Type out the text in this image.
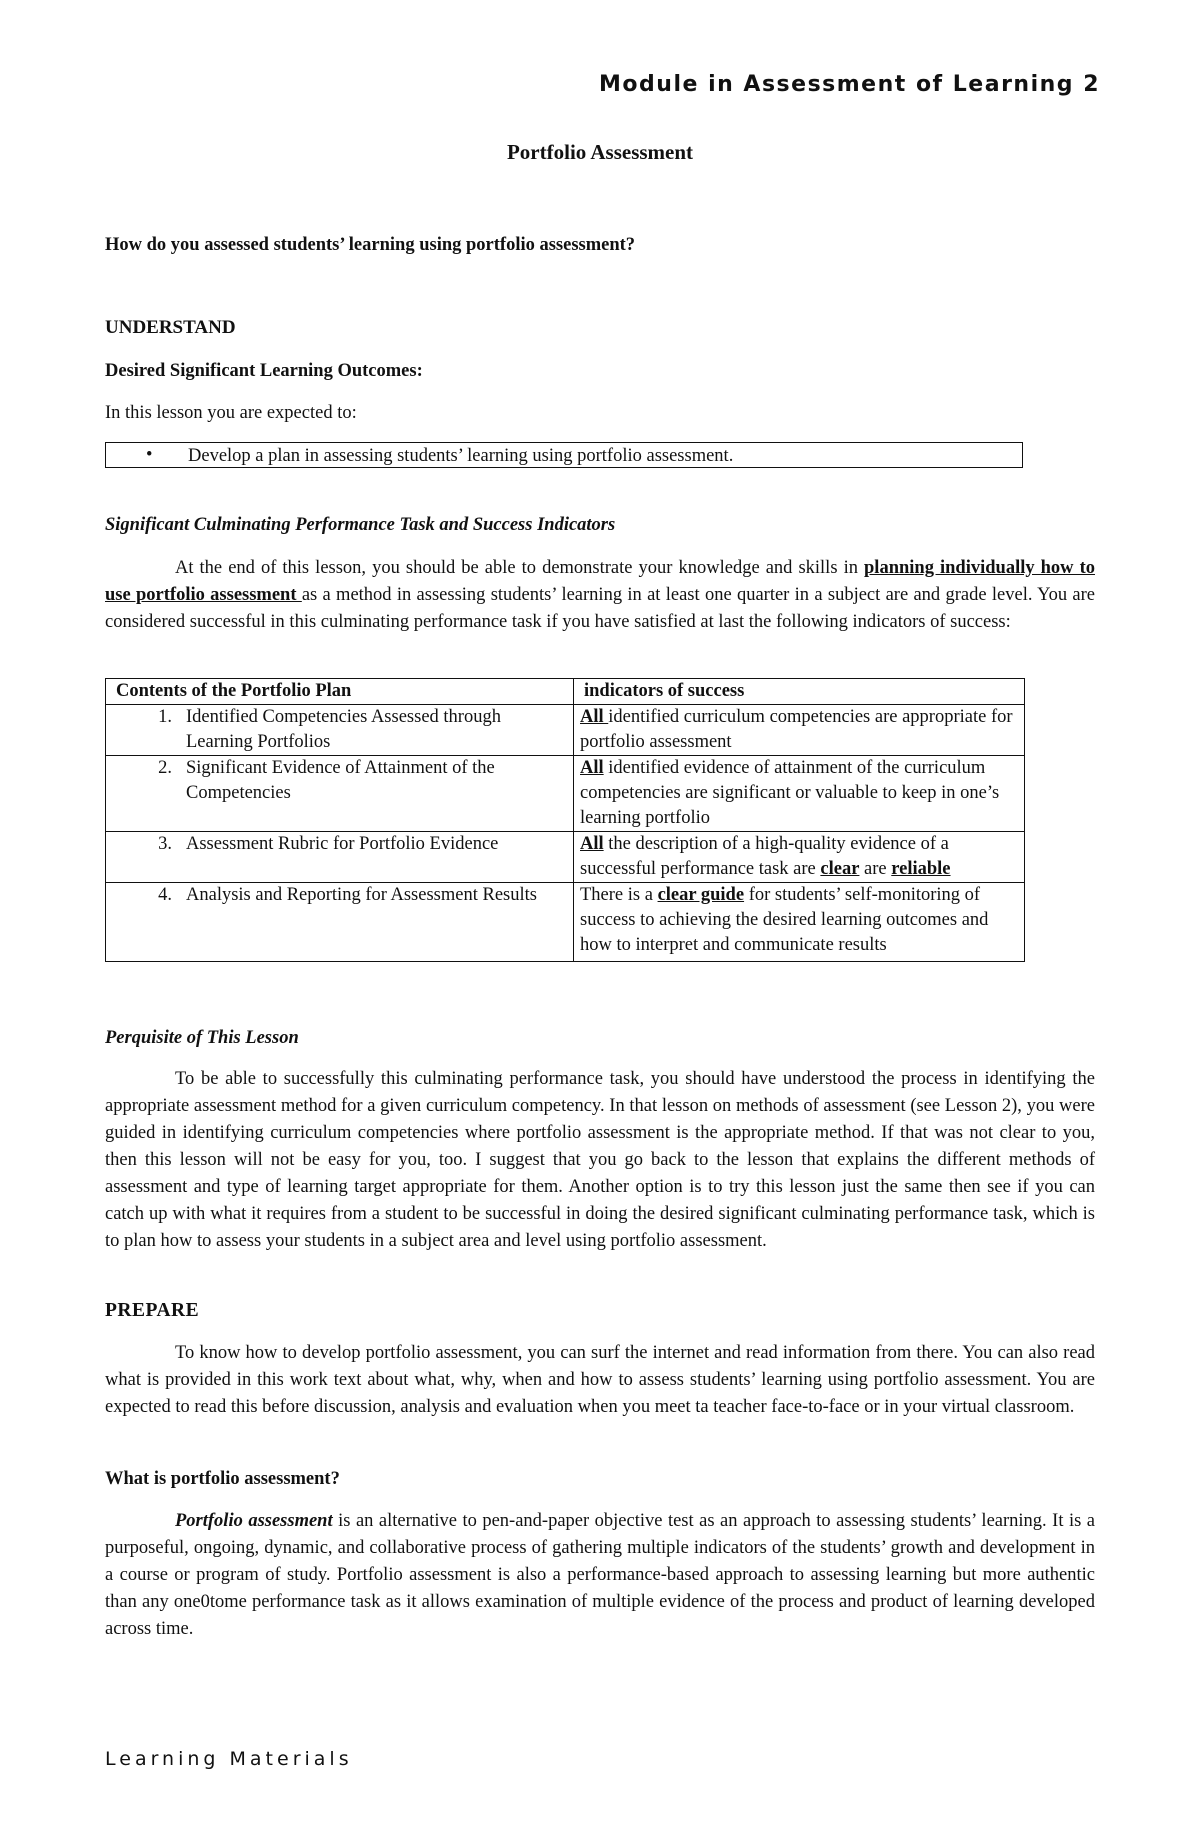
Module in Assessment of Learning 2
Portfolio Assessment
How do you assessed students’ learning using portfolio assessment?
UNDERSTAND
Desired Significant Learning Outcomes:
In this lesson you are expected to:
• Develop a plan in assessing students’ learning using portfolio assessment.
Significant Culminating Performance Task and Success Indicators
At the end of this lesson, you should be able to demonstrate your knowledge and skills in planning individually how to use portfolio assessment as a method in assessing students’ learning in at least one quarter in a subject are and grade level. You are considered successful in this culminating performance task if you have satisfied at last the following indicators of success:
Contents of the Portfolio Plan	indicators of success
1. Identified Competencies Assessed through Learning Portfolios	All identified curriculum competencies are appropriate for portfolio assessment
2. Significant Evidence of Attainment of the Competencies	All identified evidence of attainment of the curriculum competencies are significant or valuable to keep in one’s learning portfolio
3. Assessment Rubric for Portfolio Evidence	All the description of a high-quality evidence of a successful performance task are clear are reliable
4. Analysis and Reporting for Assessment Results	There is a clear guide for students’ self-monitoring of success to achieving the desired learning outcomes and how to interpret and communicate results
Perquisite of This Lesson
To be able to successfully this culminating performance task, you should have understood the process in identifying the appropriate assessment method for a given curriculum competency. In that lesson on methods of assessment (see Lesson 2), you were guided in identifying curriculum competencies where portfolio assessment is the appropriate method. If that was not clear to you, then this lesson will not be easy for you, too. I suggest that you go back to the lesson that explains the different methods of assessment and type of learning target appropriate for them. Another option is to try this lesson just the same then see if you can catch up with what it requires from a student to be successful in doing the desired significant culminating performance task, which is to plan how to assess your students in a subject area and level using portfolio assessment.
PREPARE
To know how to develop portfolio assessment, you can surf the internet and read information from there. You can also read what is provided in this work text about what, why, when and how to assess students’ learning using portfolio assessment. You are expected to read this before discussion, analysis and evaluation when you meet ta teacher face-to-face or in your virtual classroom.
What is portfolio assessment?
Portfolio assessment is an alternative to pen-and-paper objective test as an approach to assessing students’ learning. It is a purposeful, ongoing, dynamic, and collaborative process of gathering multiple indicators of the students’ growth and development in a course or program of study. Portfolio assessment is also a performance-based approach to assessing learning but more authentic than any one0tome performance task as it allows examination of multiple evidence of the process and product of learning developed across time.
Learning Materials
